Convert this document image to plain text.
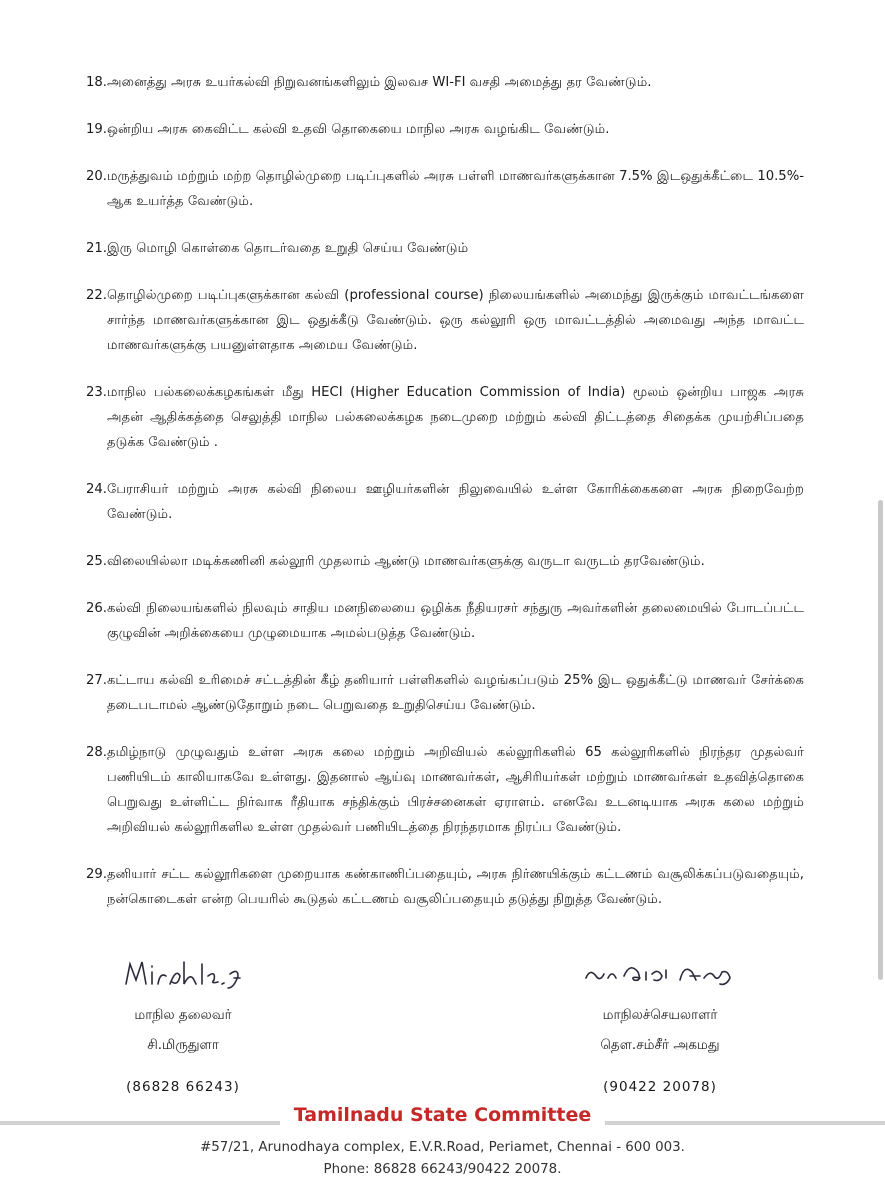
18. அனைத்து அரசு உயர்கல்வி நிறுவனங்களிலும் இலவச WI-FI வசதி அமைத்து தர வேண்டும்.
19. ஒன்றிய அரசு கைவிட்ட கல்வி உதவி தொகையை மாநில அரசு வழங்கிட வேண்டும்.
20. மருத்துவம் மற்றும் மற்ற தொழில்முறை படிப்புகளில் அரசு பள்ளி மாணவர்களுக்கான 7.5% இடஒதுக்கீட்டை 10.5%-ஆக உயர்த்த வேண்டும்.
21. இரு மொழி கொள்கை தொடர்வதை உறுதி செய்ய வேண்டும்
22. தொழில்முறை படிப்புகளுக்கான கல்வி (professional course) நிலையங்களில் அமைந்து இருக்கும் மாவட்டங்களை சார்ந்த மாணவர்களுக்கான இட ஒதுக்கீடு வேண்டும். ஒரு கல்லூரி ஒரு மாவட்டத்தில் அமைவது அந்த மாவட்ட மாணவர்களுக்கு பயனுள்ளதாக அமைய வேண்டும்.
23. மாநில பல்கலைக்கழகங்கள் மீது HECI (Higher Education Commission of India) மூலம் ஒன்றிய பாஜக அரசு அதன் ஆதிக்கத்தை செலுத்தி மாநில பல்கலைக்கழக நடைமுறை மற்றும் கல்வி திட்டத்தை சிதைக்க முயற்சிப்பதை தடுக்க வேண்டும் .
24. பேராசியர் மற்றும் அரசு கல்வி நிலைய ஊழியர்களின் நிலுவையில் உள்ள கோரிக்கைகளை அரசு நிறைவேற்ற வேண்டும்.
25. விலையில்லா மடிக்கணினி கல்லூரி முதலாம் ஆண்டு மாணவர்களுக்கு வருடா வருடம் தரவேண்டும்.
26. கல்வி நிலையங்களில் நிலவும் சாதிய மனநிலையை ஒழிக்க நீதியரசர் சந்துரு அவர்களின் தலைமையில் போடப்பட்ட குழுவின் அறிக்கையை முழுமையாக அமல்படுத்த வேண்டும்.
27. கட்டாய கல்வி உரிமைச் சட்டத்தின் கீழ் தனியார் பள்ளிகளில் வழங்கப்படும் 25% இட ஒதுக்கீட்டு மாணவர் சேர்க்கை தடைபடாமல் ஆண்டுதோறும் நடை பெறுவதை உறுதிசெய்ய வேண்டும்.
28. தமிழ்நாடு முழுவதும் உள்ள அரசு கலை மற்றும் அறிவியல் கல்லூரிகளில் 65 கல்லூரிகளில் நிரந்தர முதல்வர் பணியிடம் காலியாகவே உள்ளது. இதனால் ஆய்வு மாணவர்கள், ஆசிரியர்கள் மற்றும் மாணவர்கள் உதவித்தொகை பெறுவது உள்ளிட்ட நிர்வாக ரீதியாக சந்திக்கும் பிரச்சனைகள் ஏராளம். எனவே உடனடியாக அரசு கலை மற்றும் அறிவியல் கல்லூரிகளில உள்ள முதல்வர் பணியிடத்தை நிரந்தரமாக நிரப்ப வேண்டும்.
29. தனியார் சட்ட கல்லூரிகளை முறையாக கண்காணிப்பதையும், அரசு நிர்ணயிக்கும் கட்டணம் வசூலிக்கப்படுவதையும், நன்கொடைகள் என்ற பெயரில் கூடுதல் கட்டணம் வசூலிப்பதையும் தடுத்து நிறுத்த வேண்டும்.
மாநில தலைவர்
சி.மிருதுளா
(86828 66243)
மாநிலச்செயலாளர்
தௌ.சம்சீர் அகமது
(90422 20078)
Tamilnadu State Committee
#57/21, Arunodhaya complex, E.V.R.Road, Periamet, Chennai - 600 003.
Phone: 86828 66243/90422 20078.
